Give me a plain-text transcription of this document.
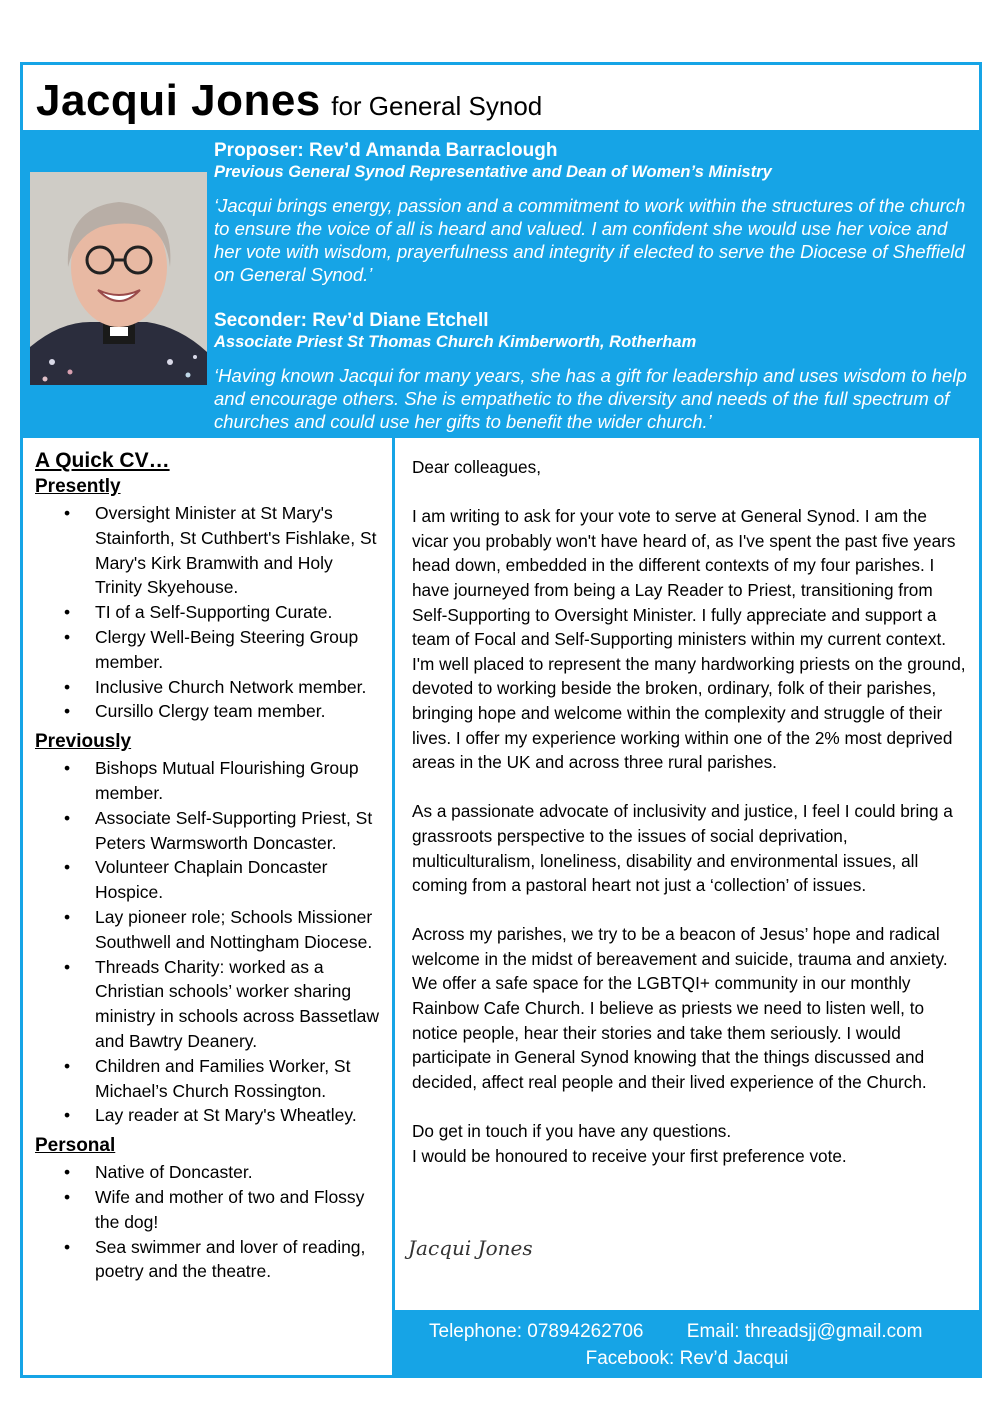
Jacqui Jones for General Synod
Proposer: Rev’d Amanda Barraclough
Previous General Synod Representative and Dean of Women’s Ministry
‘Jacqui brings energy, passion and a commitment to work within the structures of the church to ensure the voice of all is heard and valued. I am confident she would use her voice and her vote with wisdom, prayerfulness and integrity if elected to serve the Diocese of Sheffield on General Synod.’
Seconder: Rev’d Diane Etchell
Associate Priest St Thomas Church Kimberworth, Rotherham
‘Having known Jacqui for many years, she has a gift for leadership and uses wisdom to help and encourage others. She is empathetic to the diversity and needs of the full spectrum of churches and could use her gifts to benefit the wider church.’
A Quick CV…
Presently
• Oversight Minister at St Mary's Stainforth, St Cuthbert's Fishlake, St Mary's Kirk Bramwith and Holy Trinity Skyehouse.
• TI of a Self-Supporting Curate.
• Clergy Well-Being Steering Group member.
• Inclusive Church Network member.
• Cursillo Clergy team member.
Previously
• Bishops Mutual Flourishing Group member.
• Associate Self-Supporting Priest, St Peters Warmsworth Doncaster.
• Volunteer Chaplain Doncaster Hospice.
• Lay pioneer role; Schools Missioner Southwell and Nottingham Diocese.
• Threads Charity: worked as a Christian schools’ worker sharing ministry in schools across Bassetlaw and Bawtry Deanery.
• Children and Families Worker, St Michael’s Church Rossington.
• Lay reader at St Mary's Wheatley.
Personal
• Native of Doncaster.
• Wife and mother of two and Flossy the dog!
• Sea swimmer and lover of reading, poetry and the theatre.

Dear colleagues,

I am writing to ask for your vote to serve at General Synod. I am the vicar you probably won't have heard of, as I've spent the past five years head down, embedded in the different contexts of my four parishes. I have journeyed from being a Lay Reader to Priest, transitioning from Self-Supporting to Oversight Minister. I fully appreciate and support a team of Focal and Self-Supporting ministers within my current context. I'm well placed to represent the many hardworking priests on the ground, devoted to working beside the broken, ordinary, folk of their parishes, bringing hope and welcome within the complexity and struggle of their lives. I offer my experience working within one of the 2% most deprived areas in the UK and across three rural parishes.

As a passionate advocate of inclusivity and justice, I feel I could bring a grassroots perspective to the issues of social deprivation, multiculturalism, loneliness, disability and environmental issues, all coming from a pastoral heart not just a ‘collection’ of issues.

Across my parishes, we try to be a beacon of Jesus’ hope and radical welcome in the midst of bereavement and suicide, trauma and anxiety. We offer a safe space for the LGBTQI+ community in our monthly Rainbow Cafe Church. I believe as priests we need to listen well, to notice people, hear their stories and take them seriously. I would participate in General Synod knowing that the things discussed and decided, affect real people and their lived experience of the Church.

Do get in touch if you have any questions.
I would be honoured to receive your first preference vote.
Jacqui Jones
Telephone: 07894262706 Email: threadsjj@gmail.com
Facebook: Rev’d Jacqui
